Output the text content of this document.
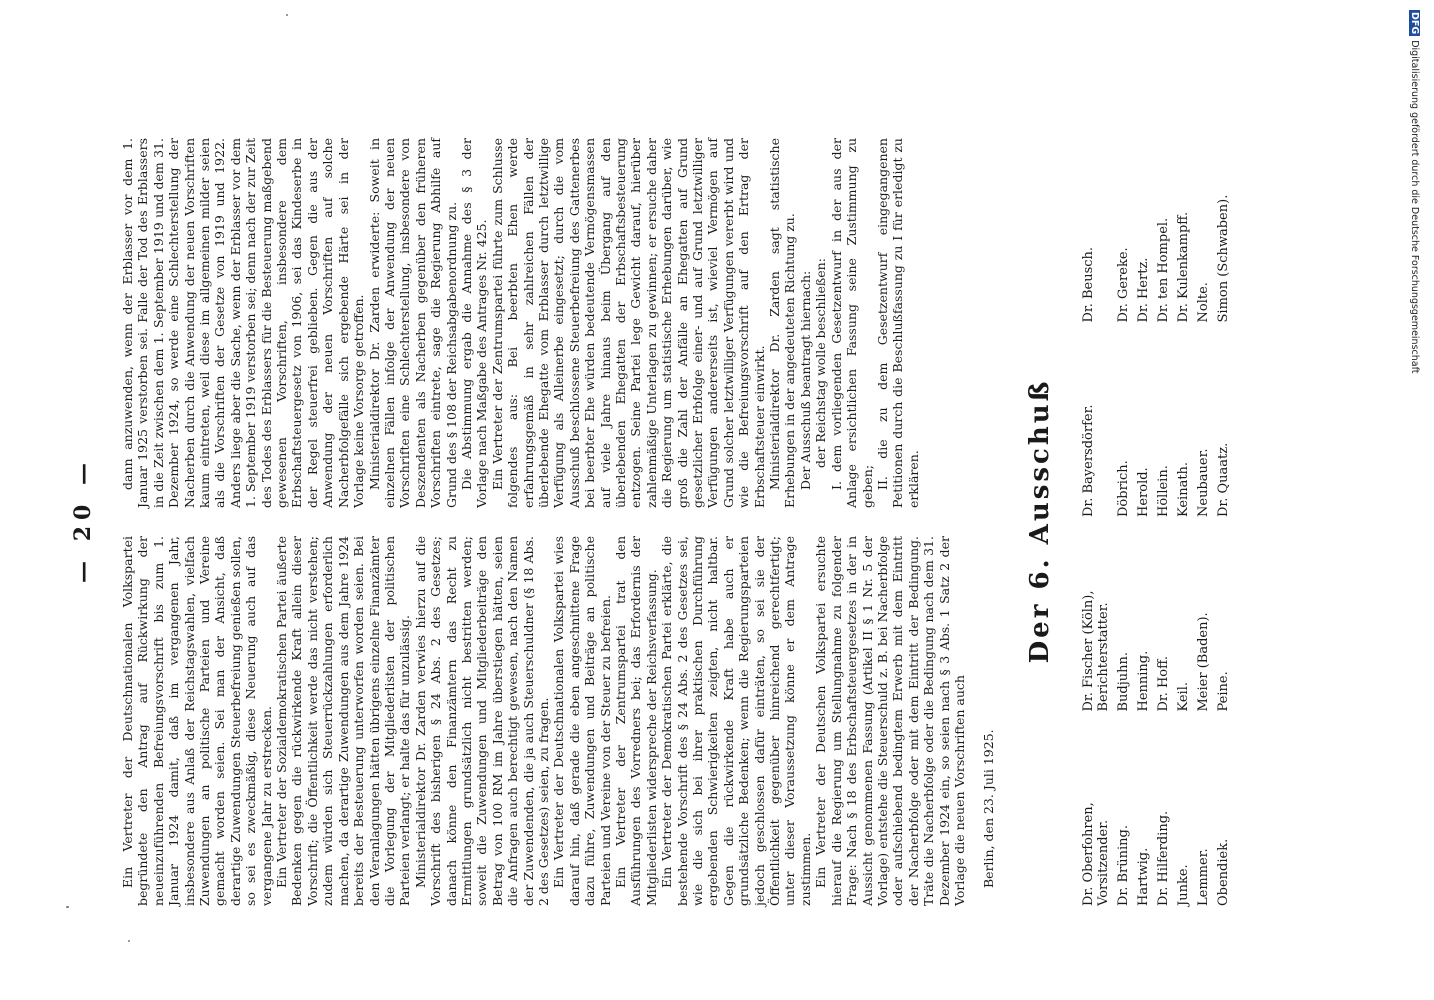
— 20 —

Ein Vertreter der Deutschnationalen Volkspartei begründete den Antrag auf Rückwirkung der neueinzuführenden Befreiungsvorschrift bis zum 1. Januar 1924 damit, daß im vergangenen Jahr, insbesondere aus Anlaß der Reichstagswahlen, vielfach Zuwendungen an politische Parteien und Vereine gemacht worden seien. Sei man der Ansicht, daß derartige Zuwendungen Steuerbefreiung genießen sollen, so sei es zweckmäßig, diese Neuerung auch auf das vergangene Jahr zu erstrecken. Ein Vertreter der Sozialdemokratischen Partei äußerte Bedenken gegen die rückwirkende Kraft allein dieser Vorschrift; die Öffentlichkeit werde das nicht verstehen; zudem würden sich Steuerrückzahlungen erforderlich machen, da derartige Zuwendungen aus dem Jahre 1924 bereits der Besteuerung unterworfen worden seien. Bei den Veranlagungen hätten übrigens einzelne Finanzämter die Vorlegung der Mitgliederlisten der politischen Parteien verlangt; er halte das für unzulässig. Ministerialdirektor Dr. Zarden verwies hierzu auf die Vorschrift des bisherigen § 24 Abs. 2 des Gesetzes; danach könne den Finanzämtern das Recht zu Ermittlungen grundsätzlich nicht bestritten werden; soweit die Zuwendungen und Mitgliederbeiträge den Betrag von 100 RM im Jahre überstiegen hätten, seien die Anfragen auch berechtigt gewesen, nach den Namen der Zuwendenden, die ja auch Steuerschuldner (§ 18 Abs. 2 des Gesetzes) seien, zu fragen. Ein Vertreter der Deutschnationalen Volkspartei wies darauf hin, daß gerade die eben angeschnittene Frage dazu führe, Zuwendungen und Beiträge an politische Parteien und Vereine von der Steuer zu befreien. Ein Vertreter der Zentrumspartei trat den Ausführungen des Vorredners bei; das Erfordernis der Mitgliederlisten widerspreche der Reichsverfassung. Ein Vertreter der Demokratischen Partei erklärte, die bestehende Vorschrift des § 24 Abs. 2 des Gesetzes sei, wie die sich bei ihrer praktischen Durchführung ergebenden Schwierigkeiten zeigten, nicht haltbar. Gegen die rückwirkende Kraft habe auch er grundsätzliche Bedenken; wenn die Regierungsparteien jedoch geschlossen dafür einträten, so sei sie der Öffentlichkeit gegenüber hinreichend gerechtfertigt; unter dieser Voraussetzung könne er dem Antrage zustimmen. Ein Vertreter der Deutschen Volkspartei ersuchte hierauf die Regierung um Stellungnahme zu folgender Frage: Nach § 18 des Erbschaftsteuergesetzes in der in Aussicht genommenen Fassung (Artikel II § 1 Nr. 5 der Vorlage) entstehe die Steuerschuld z. B. bei Nacherbfolge oder aufschiebend bedingtem Erwerb mit dem Eintritt der Nacherbfolge oder mit dem Eintritt der Bedingung. Träte die Nacherbfolge oder die Bedingung nach dem 31. Dezember 1924 ein, so seien nach § 3 Abs. 1 Satz 2 der Vorlage die neuen Vorschriften auch Berlin, den 23. Juli 1925.

dann anzuwenden, wenn der Erblasser vor dem 1. Januar 1925 verstorben sei. Falle der Tod des Erblassers in die Zeit zwischen dem 1. September 1919 und dem 31. Dezember 1924, so werde eine Schlechterstellung der Nacherben durch die Anwendung der neuen Vorschriften kaum eintreten, weil diese im allgemeinen milder seien als die Vorschriften der Gesetze von 1919 und 1922. Anders liege aber die Sache, wenn der Erblasser vor dem 1. September 1919 verstorben sei; denn nach der zur Zeit des Todes des Erblassers für die Besteuerung maßgebend gewesenen Vorschriften, insbesondere dem Erbschaftsteuergesetz von 1906, sei das Kindeserbe in der Regel steuerfrei geblieben. Gegen die aus der Anwendung der neuen Vorschriften auf solche Nacherbfolgefälle sich ergebende Härte sei in der Vorlage keine Vorsorge getroffen. Ministerialdirektor Dr. Zarden erwiderte: Soweit in einzelnen Fällen infolge der Anwendung der neuen Vorschriften eine Schlechterstellung, insbesondere von Deszendenten als Nacherben gegenüber den früheren Vorschriften eintrete, sage die Regierung Abhilfe auf Grund des § 108 der Reichsabgabenordnung zu. Die Abstimmung ergab die Annahme des § 3 der Vorlage nach Maßgabe des Antrages Nr. 425. Ein Vertreter der Zentrumspartei führte zum Schlusse folgendes aus: Bei beerbten Ehen werde erfahrungsgemäß in sehr zahlreichen Fällen der überlebende Ehegatte vom Erblasser durch letztwillige Verfügung als Alleinerbe eingesetzt; durch die vom Ausschuß beschlossene Steuerbefreiung des Gattenerbes bei beerbter Ehe würden bedeutende Vermögensmassen auf viele Jahre hinaus beim Übergang auf den überlebenden Ehegatten der Erbschaftsbesteuerung entzogen. Seine Partei lege Gewicht darauf, hierüber zahlenmäßige Unterlagen zu gewinnen; er ersuche daher die Regierung um statistische Erhebungen darüber, wie groß die Zahl der Anfälle an Ehegatten auf Grund gesetzlicher Erbfolge einer- und auf Grund letztwilliger Verfügungen andererseits ist, wieviel Vermögen auf Grund solcher letztwilliger Verfügungen vererbt wird und wie die Befreiungsvorschrift auf den Ertrag der Erbschaftsteuer einwirkt. Ministerialdirektor Dr. Zarden sagt statistische Erhebungen in der angedeuteten Richtung zu. Der Ausschuß beantragt hiernach: der Reichstag wolle beschließen: I. dem vorliegenden Gesetzentwurf in der aus der Anlage ersichtlichen Fassung seine Zustimmung zu geben; II. die zu dem Gesetzentwurf eingegangenen Petitionen durch die Beschlußfassung zu I für erledigt zu erklären.	Der 6. Ausschuß
Dr. Oberfohren, Vorsitzender.
Dr. Fischer (Köln), Berichterstatter.
Dr. Bayersdörfer.
Dr. Beusch.
Dr. Brüning.
Budjuhn.
Döbrich.
Dr. Gereke.
Hartwig.
Henning.
Herold.
Dr. Hertz.
Dr. Hilferding.
Dr. Hoff.
Höllein.
Dr. ten Hompel.
Junke.
Keil.
Keinath.
Dr. Kulenkampff.
Lemmer.
Meier (Baden).
Neubauer.
Nolte.
Obendiek.
Peine.
Dr. Quaatz.
Simon (Schwaben).
DFGDigitalisierung gefördert durch die Deutsche Forschungsgemeinschaft
